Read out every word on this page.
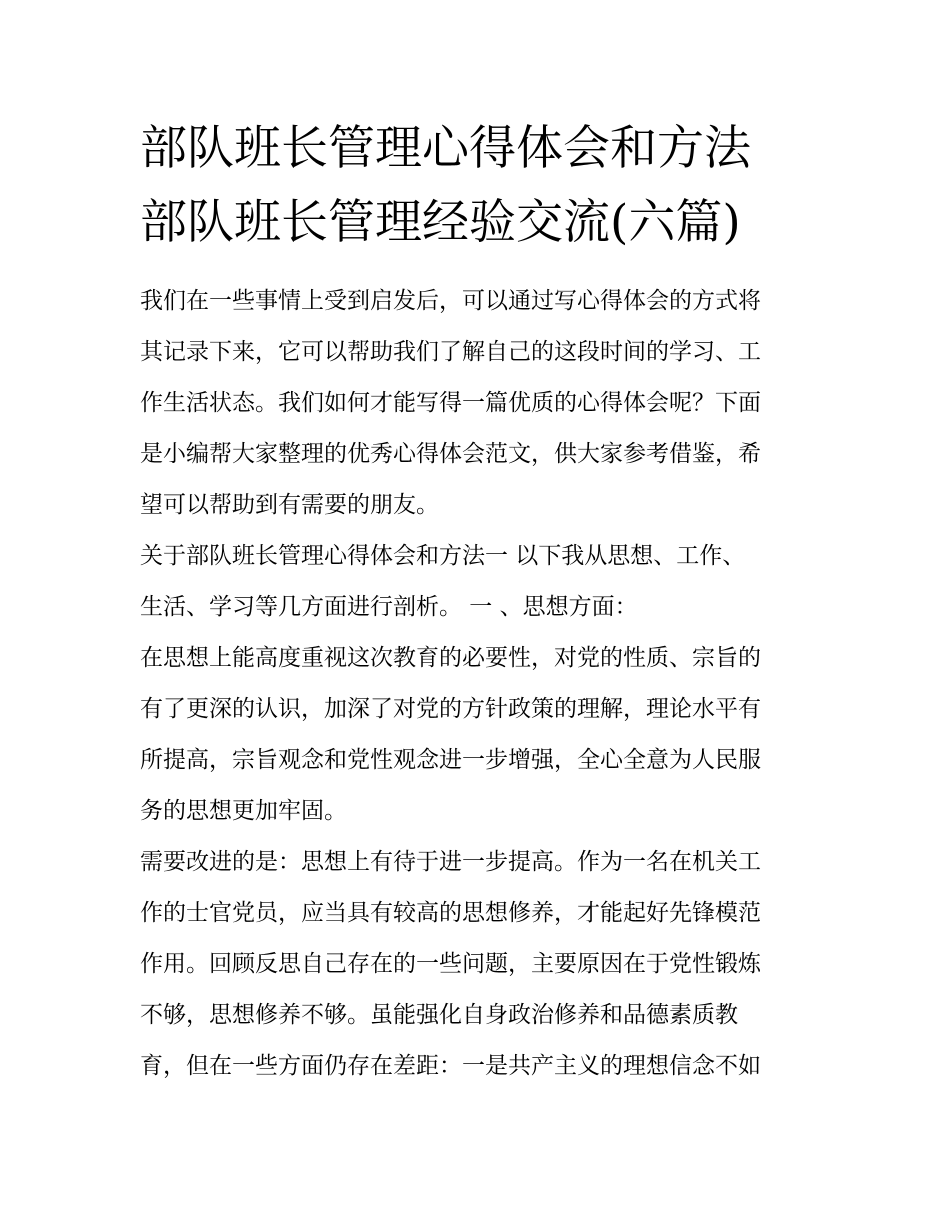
部队班长管理心得体会和方法
部队班长管理经验交流(六篇)
我们在一些事情上受到启发后，可以通过写心得体会的方式将
其记录下来，它可以帮助我们了解自己的这段时间的学习、工
作生活状态。我们如何才能写得一篇优质的心得体会呢？下面
是小编帮大家整理的优秀心得体会范文，供大家参考借鉴，希
望可以帮助到有需要的朋友。
关于部队班长管理心得体会和方法一 以下我从思想、工作、
生活、学习等几方面进行剖析。 一 、思想方面：
在思想上能高度重视这次教育的必要性，对党的性质、宗旨的
有了更深的认识，加深了对党的方针政策的理解，理论水平有
所提高，宗旨观念和党性观念进一步增强，全心全意为人民服
务的思想更加牢固。
需要改进的是：思想上有待于进一步提高。作为一名在机关工
作的士官党员，应当具有较高的思想修养，才能起好先锋模范
作用。回顾反思自己存在的一些问题，主要原因在于党性锻炼
不够，思想修养不够。虽能强化自身政治修养和品德素质教
育，但在一些方面仍存在差距：一是共产主义的理想信念不如
